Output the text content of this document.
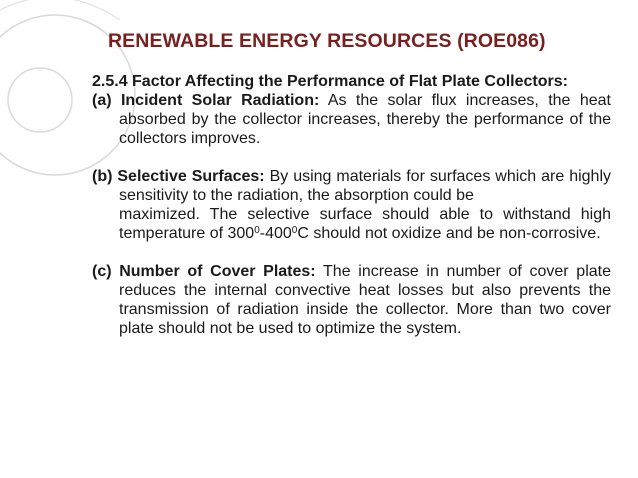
RENEWABLE ENERGY RESOURCES (ROE086)

2.5.4 Factor Affecting the Performance of Flat Plate Collectors:

(a) Incident Solar Radiation: As the solar flux increases, the heat absorbed by the collector increases, thereby the performance of the collectors improves.

(b) Selective Surfaces: By using materials for surfaces which are highly sensitivity to the radiation, the absorption could be

maximized. The selective surface should able to withstand high temperature of $300^0-400^0C$ should not oxidize and be non-corrosive.

(c) Number of Cover Plates: The increase in number of cover plate reduces the internal convective heat losses but also prevents the transmission of radiation inside the collector. More than two cover plate should not be used to optimize the system.
